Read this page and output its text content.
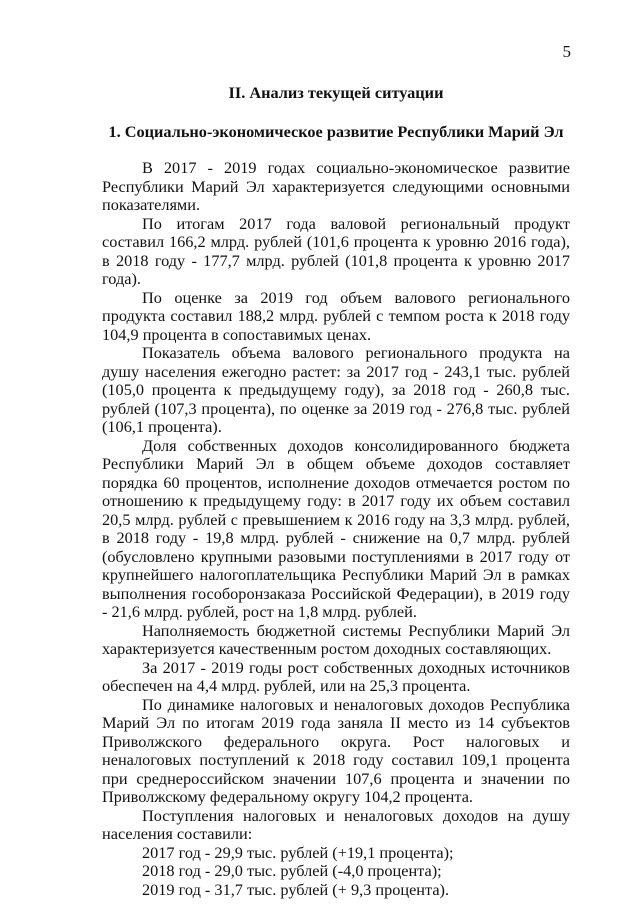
5
II. Анализ текущей ситуации
1. Социально-экономическое развитие Республики Марий Эл

В 2017 - 2019 годах социально-экономическое развитие Республики Марий Эл характеризуется следующими основными показателями.

По итогам 2017 года валовой региональный продукт составил 166,2 млрд. рублей (101,6 процента к уровню 2016 года), в 2018 году - 177,7 млрд. рублей (101,8 процента к уровню 2017 года).

По оценке за 2019 год объем валового регионального продукта составил 188,2 млрд. рублей с темпом роста к 2018 году 104,9 процента в сопоставимых ценах.

Показатель объема валового регионального продукта на душу населения ежегодно растет: за 2017 год - 243,1 тыс. рублей (105,0 процента к предыдущему году), за 2018 год - 260,8 тыс. рублей (107,3 процента), по оценке за 2019 год - 276,8 тыс. рублей (106,1 процента).

Доля собственных доходов консолидированного бюджета Республики Марий Эл в общем объеме доходов составляет порядка 60 процентов, исполнение доходов отмечается ростом по отношению к предыдущему году: в 2017 году их объем составил 20,5 млрд. рублей с превышением к 2016 году на 3,3 млрд. рублей, в 2018 году - 19,8 млрд. рублей - снижение на 0,7 млрд. рублей (обусловлено крупными разовыми поступлениями в 2017 году от крупнейшего налогоплательщика Республики Марий Эл в рамках выполнения гособоронзаказа Российской Федерации), в 2019 году - 21,6 млрд. рублей, рост на 1,8 млрд. рублей.

Наполняемость бюджетной системы Республики Марий Эл характеризуется качественным ростом доходных составляющих.

За 2017 - 2019 годы рост собственных доходных источников обеспечен на 4,4 млрд. рублей, или на 25,3 процента.

По динамике налоговых и неналоговых доходов Республика Марий Эл по итогам 2019 года заняла II место из 14 субъектов Приволжского федерального округа. Рост налоговых и неналоговых поступлений к 2018 году составил 109,1 процента при среднероссийском значении 107,6 процента и значении по Приволжскому федеральному округу 104,2 процента.

Поступления налоговых и неналоговых доходов на душу населения составили:

2017 год - 29,9 тыс. рублей (+19,1 процента);

2018 год - 29,0 тыс. рублей (-4,0 процента);

2019 год - 31,7 тыс. рублей (+ 9,3 процента).
